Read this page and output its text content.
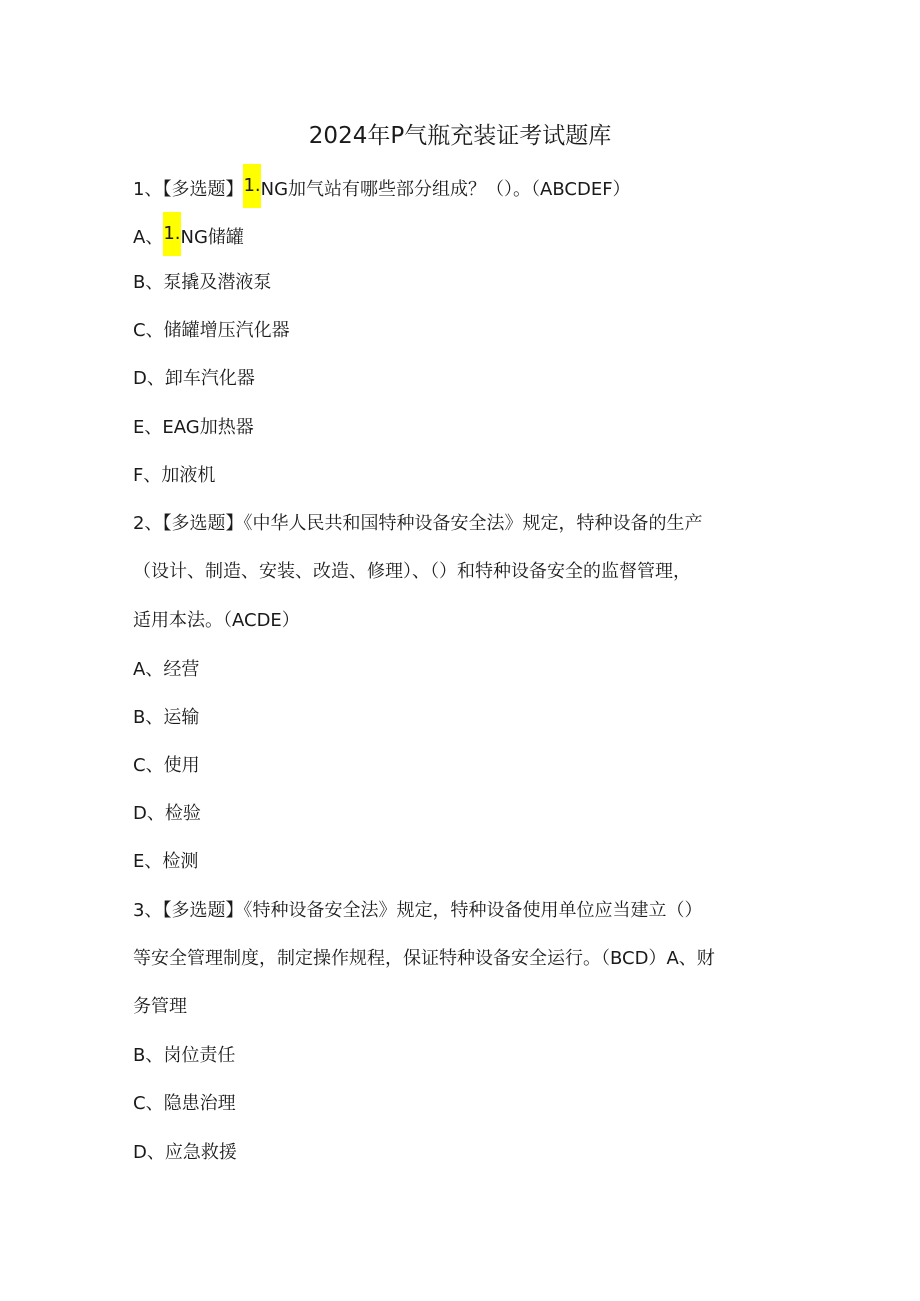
2024年P气瓶充装证考试题库
1、【多选题】1.NG加气站有哪些部分组成？（）。（ABCDEF）
A、1.NG储罐
B、泵撬及潜液泵
C、储罐增压汽化器
D、卸车汽化器
E、EAG加热器
F、加液机
2、【多选题】《中华人民共和国特种设备安全法》规定，特种设备的生产
（设计、制造、安装、改造、修理）、（）和特种设备安全的监督管理，
适用本法。（ACDE）
A、经营
B、运输
C、使用
D、检验
E、检测
3、【多选题】《特种设备安全法》规定，特种设备使用单位应当建立（）
等安全管理制度，制定操作规程，保证特种设备安全运行。（BCD）A、财
务管理
B、岗位责任
C、隐患治理
D、应急救援
